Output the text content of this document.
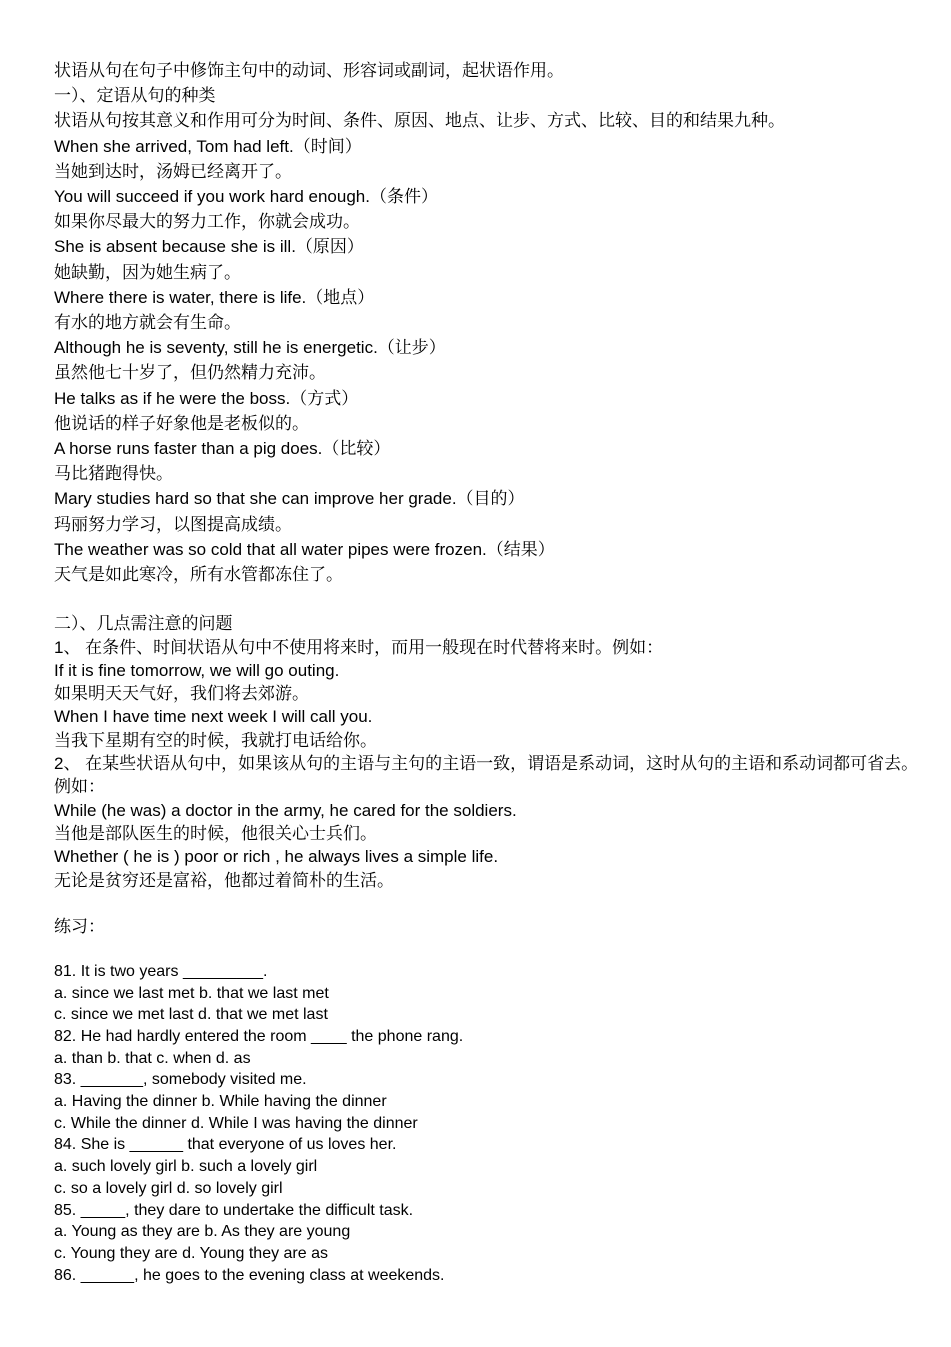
状语从句在句子中修饰主句中的动词、形容词或副词，起状语作用。
一）、定语从句的种类
状语从句按其意义和作用可分为时间、条件、原因、地点、让步、方式、比较、目的和结果九种。
When she arrived, Tom had left.（时间）
当她到达时，汤姆已经离开了。
You will succeed if you work hard enough.（条件）
如果你尽最大的努力工作，你就会成功。
She is absent because she is ill.（原因）
她缺勤，因为她生病了。
Where there is water, there is life.（地点）
有水的地方就会有生命。
Although he is seventy, still he is energetic.（让步）
虽然他七十岁了，但仍然精力充沛。
He talks as if he were the boss.（方式）
他说话的样子好象他是老板似的。
A horse runs faster than a pig does.（比较）
马比猪跑得快。
Mary studies hard so that she can improve her grade.（目的）
玛丽努力学习，以图提高成绩。
The weather was so cold that all water pipes were frozen.（结果）
天气是如此寒冷，所有水管都冻住了。
二）、几点需注意的问题
1、 在条件、时间状语从句中不使用将来时，而用一般现在时代替将来时。例如：
If it is fine tomorrow, we will go outing.
如果明天天气好，我们将去郊游。
When I have time next week I will call you.
当我下星期有空的时候，我就打电话给你。
2、 在某些状语从句中，如果该从句的主语与主句的主语一致，谓语是系动词，这时从句的主语和系动词都可省去。例如：
While (he was) a doctor in the army, he cared for the soldiers.
当他是部队医生的时候，他很关心士兵们。
Whether ( he is ) poor or rich , he always lives a simple life.
无论是贫穷还是富裕，他都过着简朴的生活。
练习：
81. It is two years _________.
a. since we last met b. that we last met
c. since we met last d. that we met last
82. He had hardly entered the room ____ the phone rang.
a. than b. that c. when d. as
83. _______, somebody visited me.
a. Having the dinner b. While having the dinner
c. While the dinner d. While I was having the dinner
84. She is ______ that everyone of us loves her.
a. such lovely girl b. such a lovely girl
c. so a lovely girl d. so lovely girl
85. _____, they dare to undertake the difficult task.
a. Young as they are b. As they are young
c. Young they are d. Young they are as
86. ______, he goes to the evening class at weekends.
